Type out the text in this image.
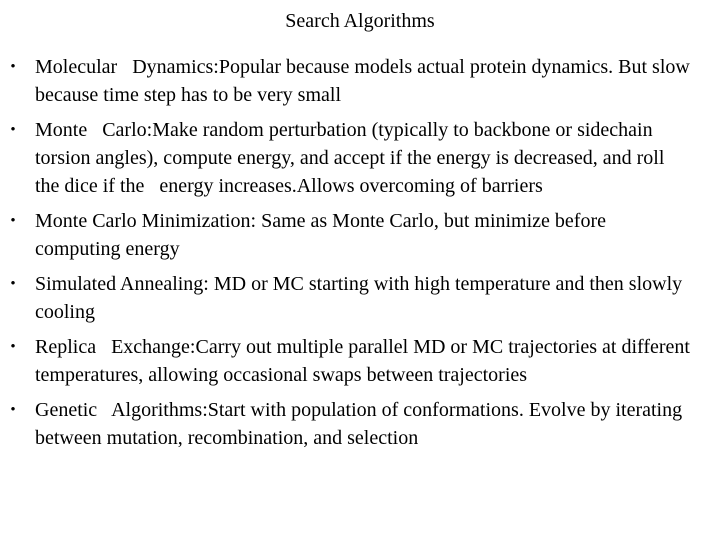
Search Algorithms
• Molecular   Dynamics:Popular because models actual protein dynamics. But slow because time step has to be very small
• Monte   Carlo:Make random perturbation (typically to backbone or sidechain torsion angles), compute energy, and accept if the energy is decreased, and roll the dice if the   energy increases.Allows overcoming of barriers
• Monte Carlo Minimization: Same as Monte Carlo, but minimize before computing energy
• Simulated Annealing: MD or MC starting with high temperature and then slowly cooling
• Replica   Exchange:Carry out multiple parallel MD or MC trajectories at different temperatures, allowing occasional swaps between trajectories
• Genetic   Algorithms:Start with population of conformations. Evolve by iterating between mutation, recombination, and selection
